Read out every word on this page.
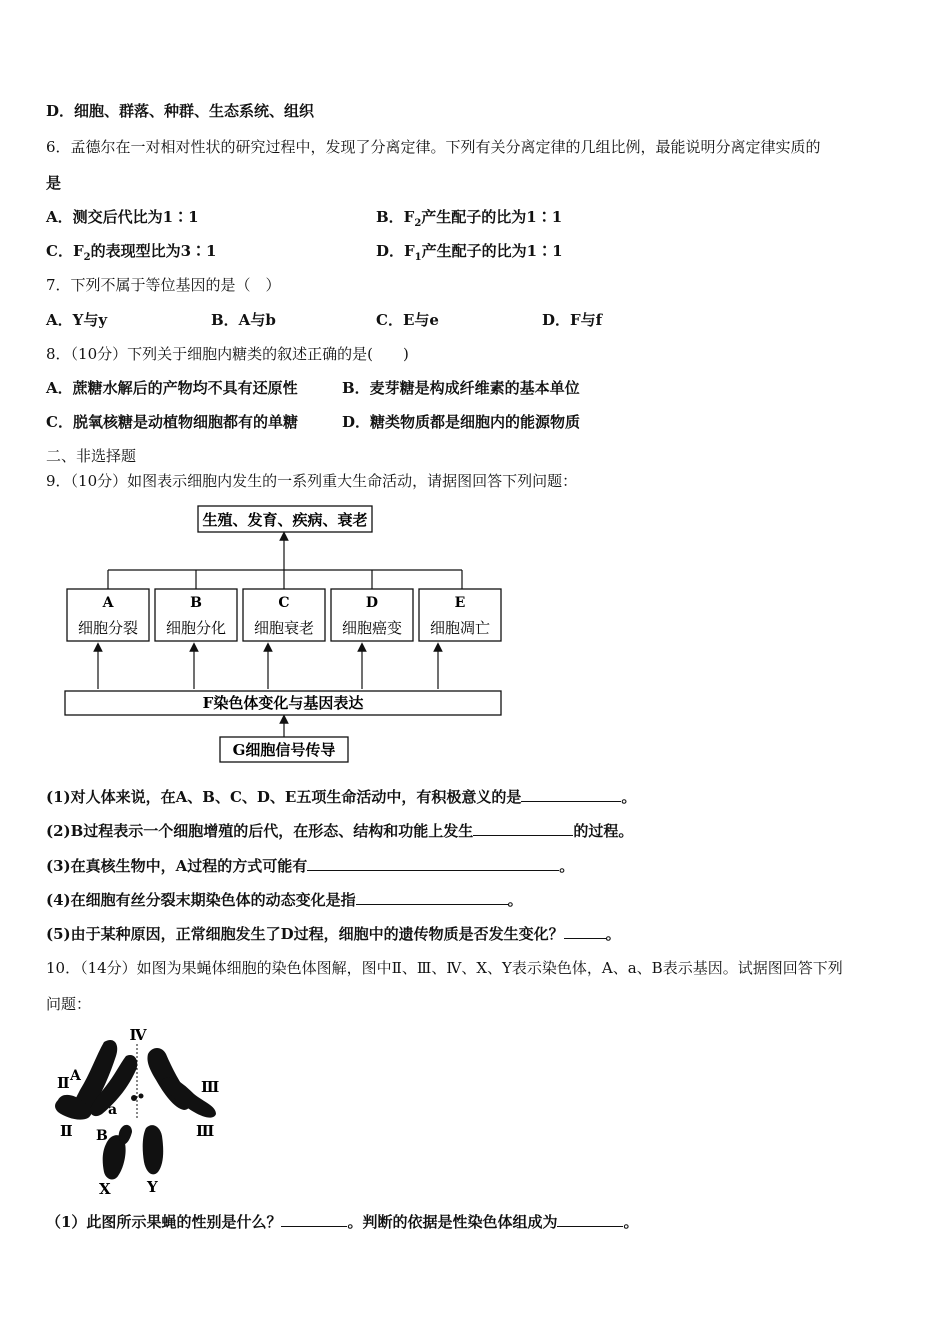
D．细胞、群落、种群、生态系统、组织
6．孟德尔在一对相对性状的研究过程中，发现了分离定律。下列有关分离定律的几组比例，最能说明分离定律实质的
是
A．测交后代比为1∶1	B．$F_2$产生配子的比为1∶1
C．$F_2$的表现型比为3∶1	D．$F_1$产生配子的比为1∶1
7．下列不属于等位基因的是（　）
A．Y与y	B．A与b	C．E与e	D．F与f
8．（10分）下列关于细胞内糖类的叙述正确的是(　　)
A．蔗糖水解后的产物均不具有还原性	B．麦芽糖是构成纤维素的基本单位
C．脱氧核糖是动植物细胞都有的单糖	D．糖类物质都是细胞内的能源物质
二、非选择题
9．（10分）如图表示细胞内发生的一系列重大生命活动，请据图回答下列问题：
生殖、发育、疾病、衰老
A
细胞分裂
B
细胞分化
C
细胞衰老
D
细胞癌变
E
细胞凋亡
F染色体变化与基因表达
G细胞信号传导
(1)对人体来说，在A、B、C、D、E五项生命活动中，有积极意义的是	。
(2)B过程表示一个细胞增殖的后代，在形态、结构和功能上发生	的过程。
(3)在真核生物中，A过程的方式可能有	。
(4)在细胞有丝分裂末期染色体的动态变化是指	。
(5)由于某种原因，正常细胞发生了D过程，细胞中的遗传物质是否发生变化？	。
10．（14分）如图为果蝇体细胞的染色体图解，图中Ⅱ、Ⅲ、Ⅳ、X、Y表示染色体，A、a、B表示基因。试据图回答下列
问题：
Ⅳ
Ⅱ A
a
Ⅲ
Ⅱ B	Ⅲ
X Y
（1）此图所示果蝇的性别是什么？	。判断的依据是性染色体组成为	。
